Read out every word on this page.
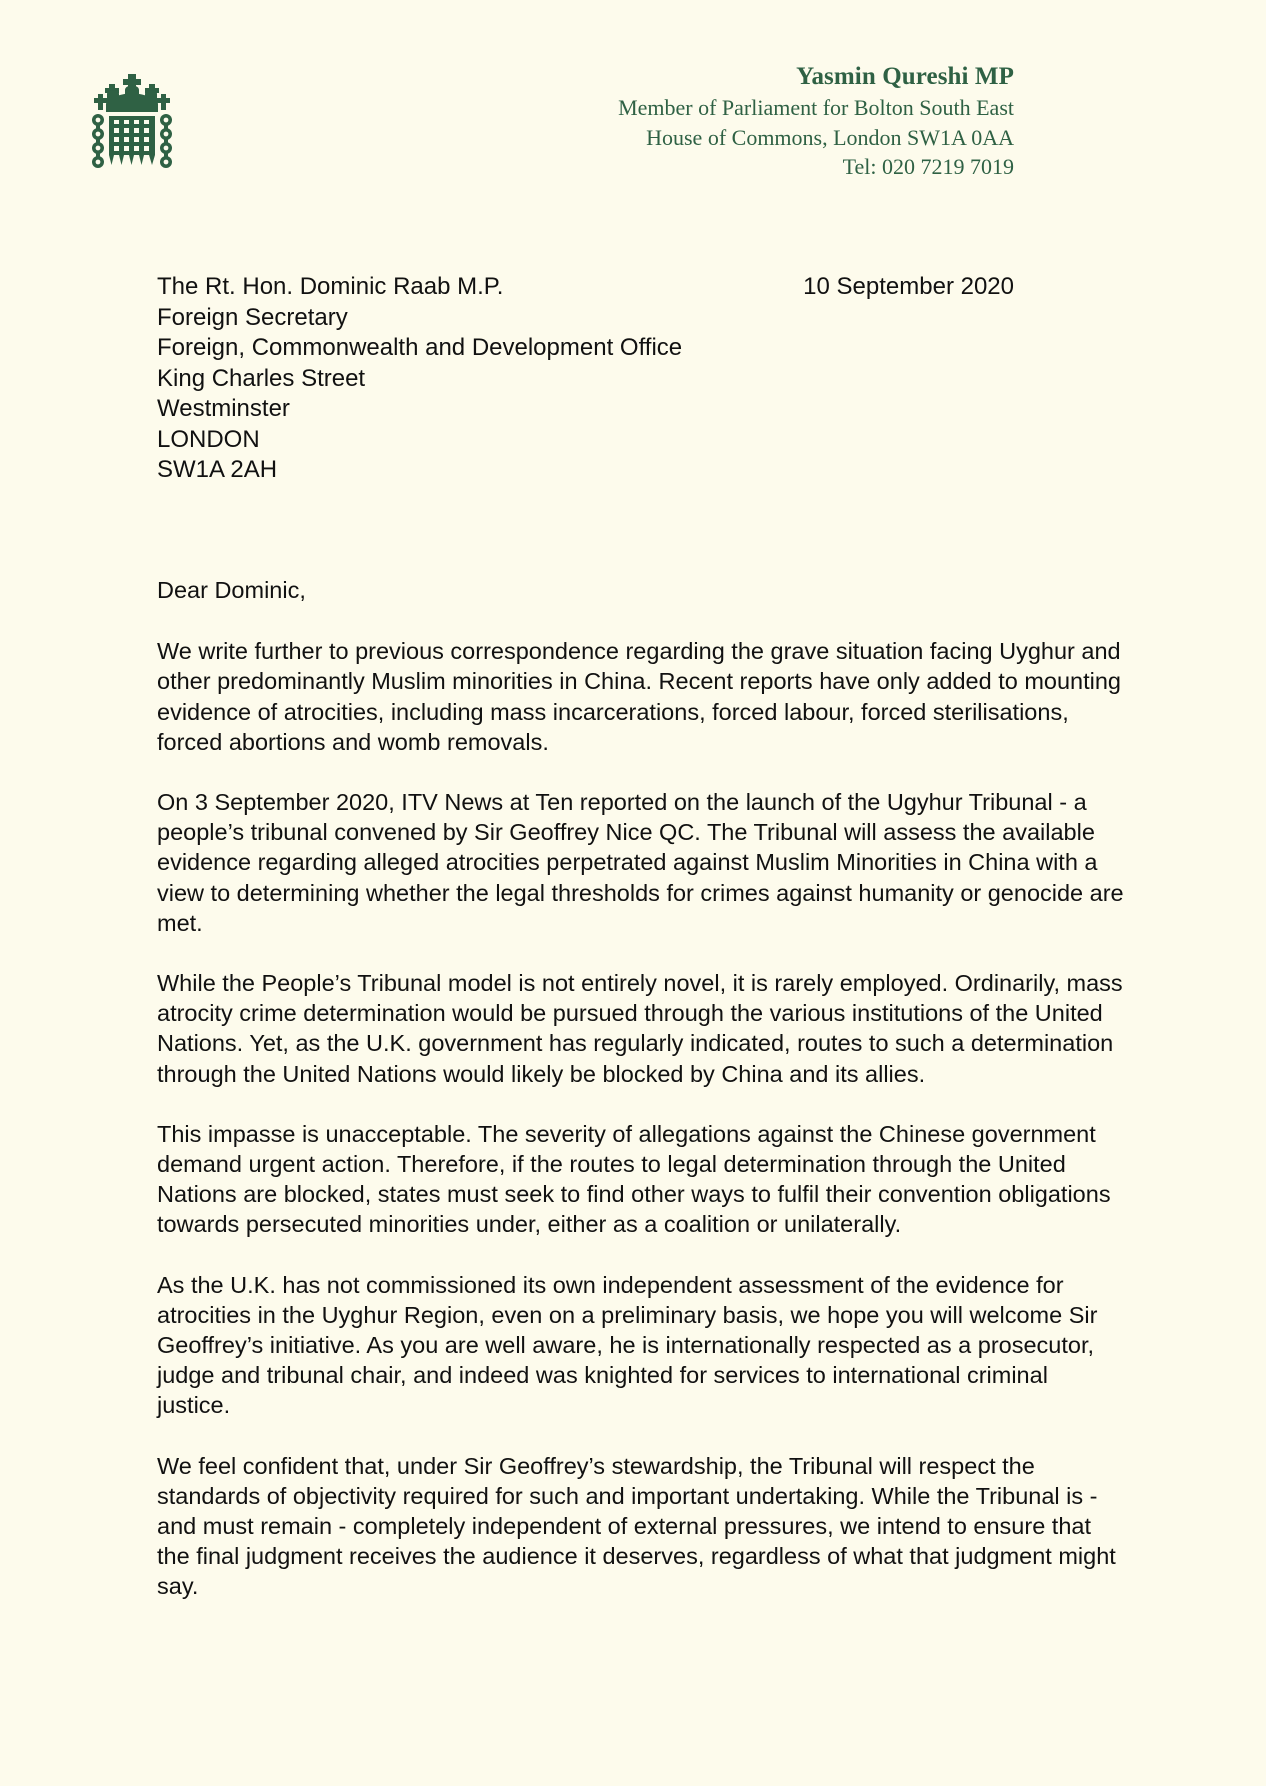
Yasmin Qureshi MP
Member of Parliament for Bolton South East
House of Commons, London SW1A 0AA
Tel: 020 7219 7019
The Rt. Hon. Dominic Raab M.P.
Foreign Secretary
Foreign, Commonwealth and Development Office
King Charles Street
Westminster
LONDON
SW1A 2AH
10 September 2020

Dear Dominic,

We write further to previous correspondence regarding the grave situation facing Uyghur and other predominantly Muslim minorities in China. Recent reports have only added to mounting evidence of atrocities, including mass incarcerations, forced labour, forced sterilisations, forced abortions and womb removals.

On 3 September 2020, ITV News at Ten reported on the launch of the Ugyhur Tribunal - a people’s tribunal convened by Sir Geoffrey Nice QC. The Tribunal will assess the available evidence regarding alleged atrocities perpetrated against Muslim Minorities in China with a view to determining whether the legal thresholds for crimes against humanity or genocide are met.

While the People’s Tribunal model is not entirely novel, it is rarely employed. Ordinarily, mass atrocity crime determination would be pursued through the various institutions of the United Nations. Yet, as the U.K. government has regularly indicated, routes to such a determination through the United Nations would likely be blocked by China and its allies.

This impasse is unacceptable. The severity of allegations against the Chinese government demand urgent action. Therefore, if the routes to legal determination through the United Nations are blocked, states must seek to find other ways to fulfil their convention obligations towards persecuted minorities under, either as a coalition or unilaterally.

As the U.K. has not commissioned its own independent assessment of the evidence for atrocities in the Uyghur Region, even on a preliminary basis, we hope you will welcome Sir Geoffrey’s initiative. As you are well aware, he is internationally respected as a prosecutor, judge and tribunal chair, and indeed was knighted for services to international criminal justice.

We feel confident that, under Sir Geoffrey’s stewardship, the Tribunal will respect the standards of objectivity required for such and important undertaking. While the Tribunal is - and must remain - completely independent of external pressures, we intend to ensure that the final judgment receives the audience it deserves, regardless of what that judgment might say.
